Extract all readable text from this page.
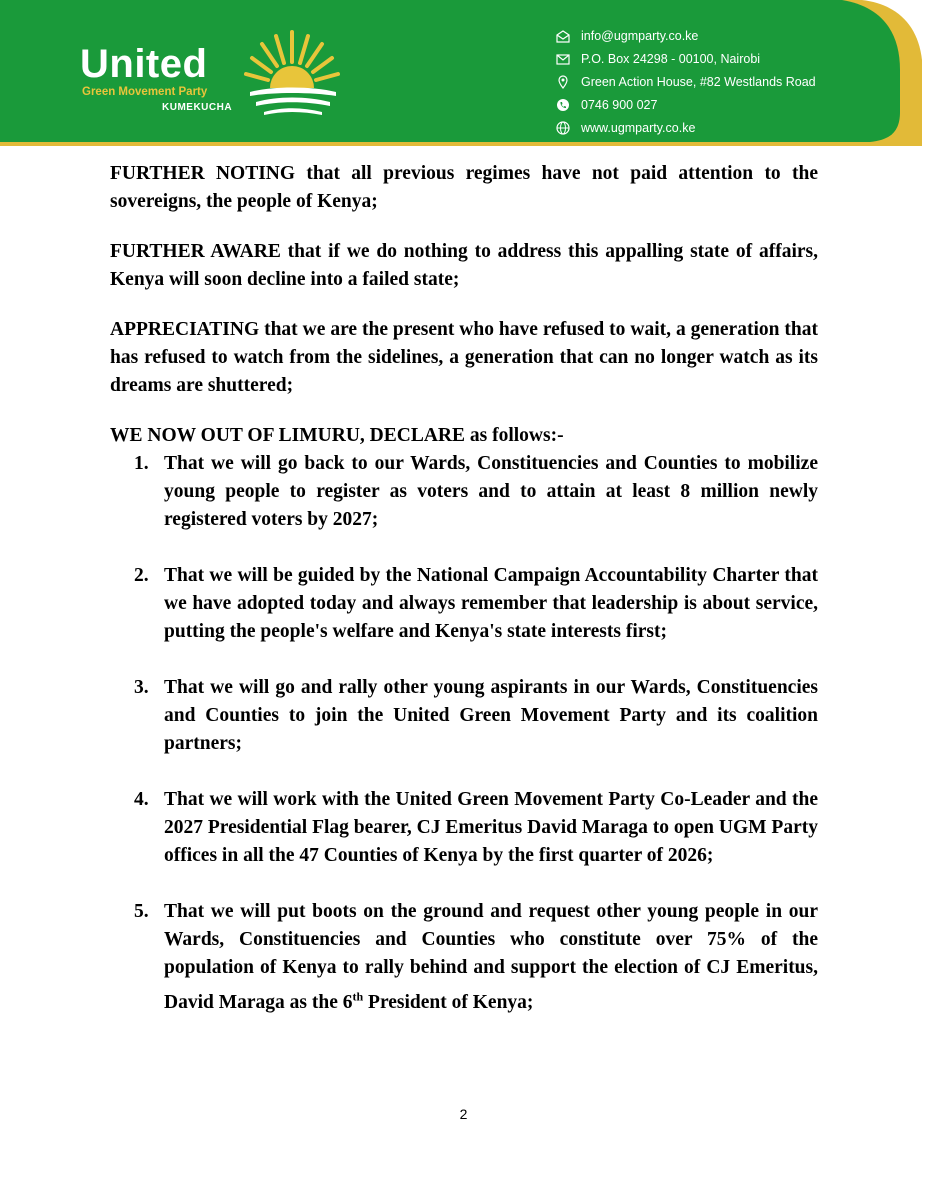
United
Green Movement Party
KUMEKUCHA
info@ugmparty.co.ke
P.O. Box 24298 - 00100, Nairobi
Green Action House, #82 Westlands Road
0746 900 027
www.ugmparty.co.ke

FURTHER NOTING that all previous regimes have not paid attention to the sovereigns, the people of Kenya;

FURTHER AWARE that if we do nothing to address this appalling state of affairs, Kenya will soon decline into a failed state;

APPRECIATING that we are the present who have refused to wait, a generation that has refused to watch from the sidelines, a generation that can no longer watch as its dreams are shuttered;

WE NOW OUT OF LIMURU, DECLARE as follows:-

1. That we will go back to our Wards, Constituencies and Counties to mobilize young people to register as voters and to attain at least 8 million newly registered voters by 2027;
2. That we will be guided by the National Campaign Accountability Charter that we have adopted today and always remember that leadership is about service, putting the people's welfare and Kenya's state interests first;
3. That we will go and rally other young aspirants in our Wards, Constituencies and Counties to join the United Green Movement Party and its coalition partners;
4. That we will work with the United Green Movement Party Co-Leader and the 2027 Presidential Flag bearer, CJ Emeritus David Maraga to open UGM Party offices in all the 47 Counties of Kenya by the first quarter of 2026;
5. That we will put boots on the ground and request other young people in our Wards, Constituencies and Counties who constitute over 75% of the population of Kenya to rally behind and support the election of CJ Emeritus, David Maraga as the 6th President of Kenya;
2
